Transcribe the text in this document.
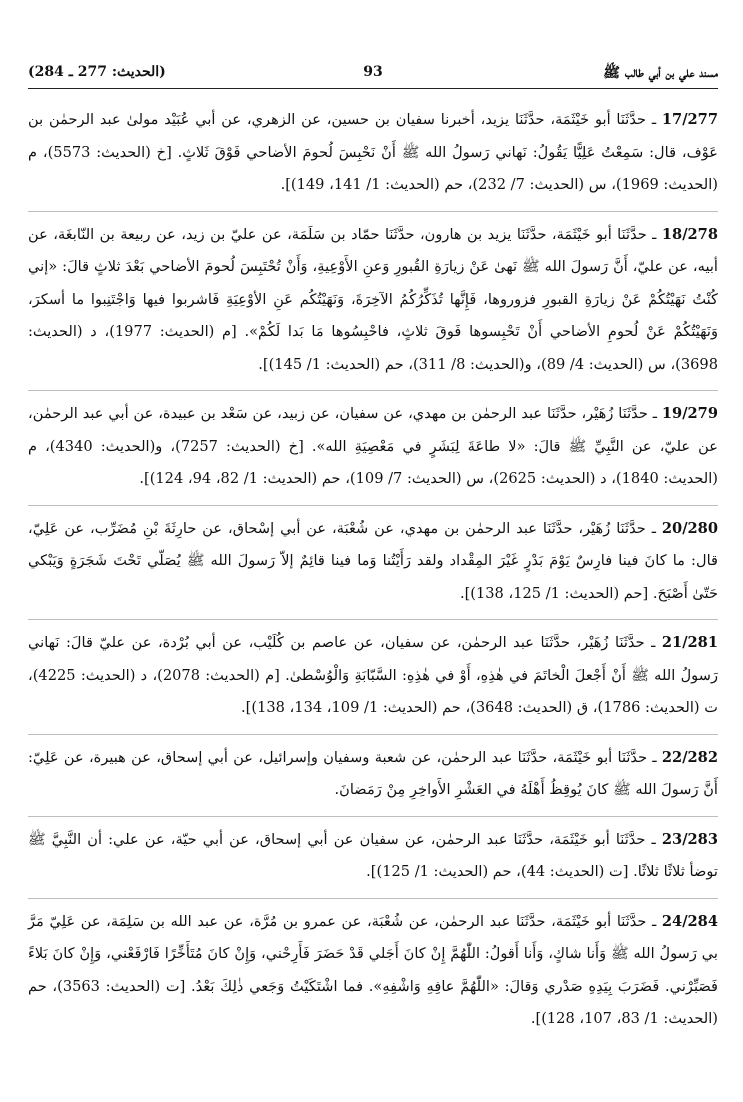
مسند علي بن أبي طالب ﷺ
93
(الحديث: 277 ـ 284)
17/277 ـ حدَّثَنَا أبو خَيْثَمَة، حدَّثَنَا يزيد، أخبرنا سفيان بن حسين، عن الزهري، عن أبي عُبَيْد مولىٰ عبد الرحمٰن بن عَوْف، قال: سَمِعْتُ عَلِيًّا يَقُولُ: نَهاني رَسولُ الله ﷺ أَنْ نَحْبِسَ لُحومَ الأضاحي فَوْقَ ثَلاثٍ. [خ (الحديث: 5573)، م (الحديث: 1969)، س (الحديث: 7/ 232)، حم (الحديث: 1/ 141، 149)].
18/278 ـ حدَّثَنَا أبو خَيْثَمَة، حدَّثَنَا يزيد بن هارون، حدَّثَنَا حمّاد بن سَلَمَة، عن عليّ بن زيد، عن ربيعة بن النّابغَة، عن أبيه، عن عليّ، أَنَّ رَسولَ الله ﷺ نَهىٰ عَنْ زيارَةِ القُبورِ وَعنِ الأَوْعِيةِ، وَأَنْ تُحْتَبِسَ لُحومَ الأضاحي بَعْدَ ثلاثٍ قالَ: «إني كُنْتُ نَهَيْتُكُمْ عَنْ زيارَةِ القبورِ فزوروها، فَإِنَّها تُذَكِّرُكُمُ الآخِرَةَ، وَنَهَيْتُكُم عَنِ الأوْعِيَةِ فَاشربوا فيها وَاجْتَنِبوا ما أسكرَ، وَنَهَيْتُكُمْ عَنْ لُحومِ الأضاحي أَنْ تَحْبِسوها فَوقَ ثلاثٍ، فاحْبِسُوها مَا بَدا لَكُمْ». [م (الحديث: 1977)، د (الحديث: 3698)، س (الحديث: 4/ 89)، و(الحديث: 8/ 311)، حم (الحديث: 1/ 145)].
19/279 ـ حدَّثَنَا زُهَيْر، حدَّثَنَا عبد الرحمٰن بن مهدي، عن سفيان، عن زبيد، عن سَعْد بن عبيدة، عن أبي عبد الرحمٰن، عن عليّ، عن النَّبِيِّ ﷺ قالَ: «لا طاعَةَ لِبَشَرٍ في مَعْصِيَةِ الله». [خ (الحديث: 7257)، و(الحديث: 4340)، م (الحديث: 1840)، د (الحديث: 2625)، س (الحديث: 7/ 109)، حم (الحديث: 1/ 82، 94، 124)].
20/280 ـ حدَّثَنَا زُهَيْر، حدَّثَنَا عبد الرحمٰن بن مهدي، عن شُعْبَة، عن أبي إسْحاق، عن حارِثَةَ بْنِ مُضَرِّب، عن عَلِيّ، قال: ما كانَ فينا فارِسٌ يَوْمَ بَدْرٍ غَيْرَ المِقْداد ولقد رَأَيْتُنا وَما فينا قائِمٌ إلاّ رَسولَ الله ﷺ يُصَلّي تَحْتَ شَجَرَةٍ وَيَبْكي حَتّىٰ أَصْبَحَ. [حم (الحديث: 1/ 125، 138)].
21/281 ـ حدَّثَنَا زُهَيْر، حدَّثَنَا عبد الرحمٰن، عن سفيان، عن عاصم بن كُلَيْب، عن أبي بُرْدة، عن عليّ قالَ: نَهاني رَسولُ الله ﷺ أَنْ أَجْعلَ الْخاتَمَ في هٰذِهِ، أَوْ في هٰذِهِ: السَّبّابَةِ وَالْوُسْطىٰ. [م (الحديث: 2078)، د (الحديث: 4225)، ت (الحديث: 1786)، ق (الحديث: 3648)، حم (الحديث: 1/ 109، 134، 138)].
22/282 ـ حدَّثَنَا أبو خَيْثَمَة، حدَّثَنَا عبد الرحمٰن، عن شعبة وسفيان وإسرائيل، عن أبي إسحاق، عن هبيرة، عن عَلِيّ: أَنَّ رَسولَ الله ﷺ كانَ يُوقِظُ أَهْلَهُ في العَشْرِ الأَواخِرِ مِنْ رَمَضانَ.
23/283 ـ حدَّثَنَا أبو خَيْثَمَة، حدَّثَنَا عبد الرحمٰن، عن سفيان عن أبي إسحاق، عن أبي حيّة، عن علي: أن النَّبِيَّ ﷺ توضأ ثلاثًا ثلاثًا. [ت (الحديث: 44)، حم (الحديث: 1/ 125)].
24/284 ـ حدَّثَنَا أبو خَيْثَمَة، حدَّثَنَا عبد الرحمٰن، عن شُعْبَة، عن عمرو بن مُرَّة، عن عبد الله بن سَلِمَة، عن عَلِيّ مَرَّ بي رَسولُ الله ﷺ وَأَنا شاكٍ، وَأَنا أَقولُ: اللّٰهُمَّ إِنْ كانَ أَجَلي قَدْ حَضَرَ فَأَرِحْني، وَإِنْ كانَ مُتَأَخِّرًا فَارْفَعْني، وَإِنْ كانَ بَلاءً فَصَبِّرْني. فَضَرَبَ بِيَدِهِ صَدْري وَقالَ: «اللّٰهُمَّ عافِهِ وَاشْفِهِ». فما اشْتَكَيْتُ وَجَعي ذٰلِكَ بَعْدُ. [ت (الحديث: 3563)، حم (الحديث: 1/ 83، 107، 128)].
